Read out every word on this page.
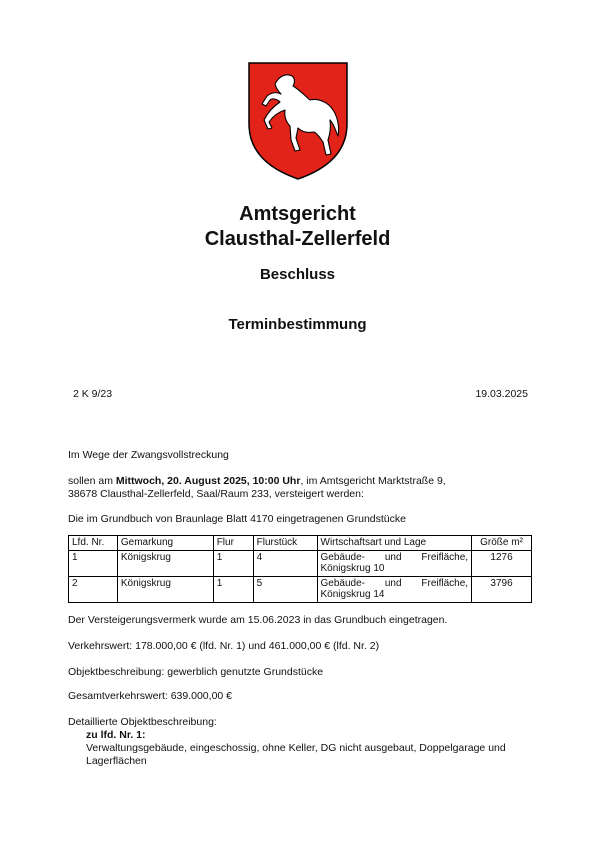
Amtsgericht
Clausthal-Zellerfeld
Beschluss
Terminbestimmung
2 K 9/23	19.03.2025
Im Wege der Zwangsvollstreckung
sollen am Mittwoch, 20. August 2025, 10:00 Uhr, im Amtsgericht Marktstraße 9,
38678 Clausthal-Zellerfeld, Saal/Raum 233, versteigert werden:
Die im Grundbuch von Braunlage Blatt 4170 eingetragenen Grundstücke
Lfd. Nr.	Gemarkung	Flur	Flurstück	Wirtschaftsart und Lage	Größe m²
1	Königskrug	1	4	Gebäude- und Freifläche, Königskrug 10	1276
2	Königskrug	1	5	Gebäude- und Freifläche, Königskrug 14	3796
Der Versteigerungsvermerk wurde am 15.06.2023 in das Grundbuch eingetragen.
Verkehrswert: 178.000,00 € (lfd. Nr. 1) und 461.000,00 € (lfd. Nr. 2)
Objektbeschreibung: gewerblich genutzte Grundstücke
Gesamtverkehrswert: 639.000,00 €
Detaillierte Objektbeschreibung:
zu lfd. Nr. 1:
Verwaltungsgebäude, eingeschossig, ohne Keller, DG nicht ausgebaut, Doppelgarage und
Lagerflächen
